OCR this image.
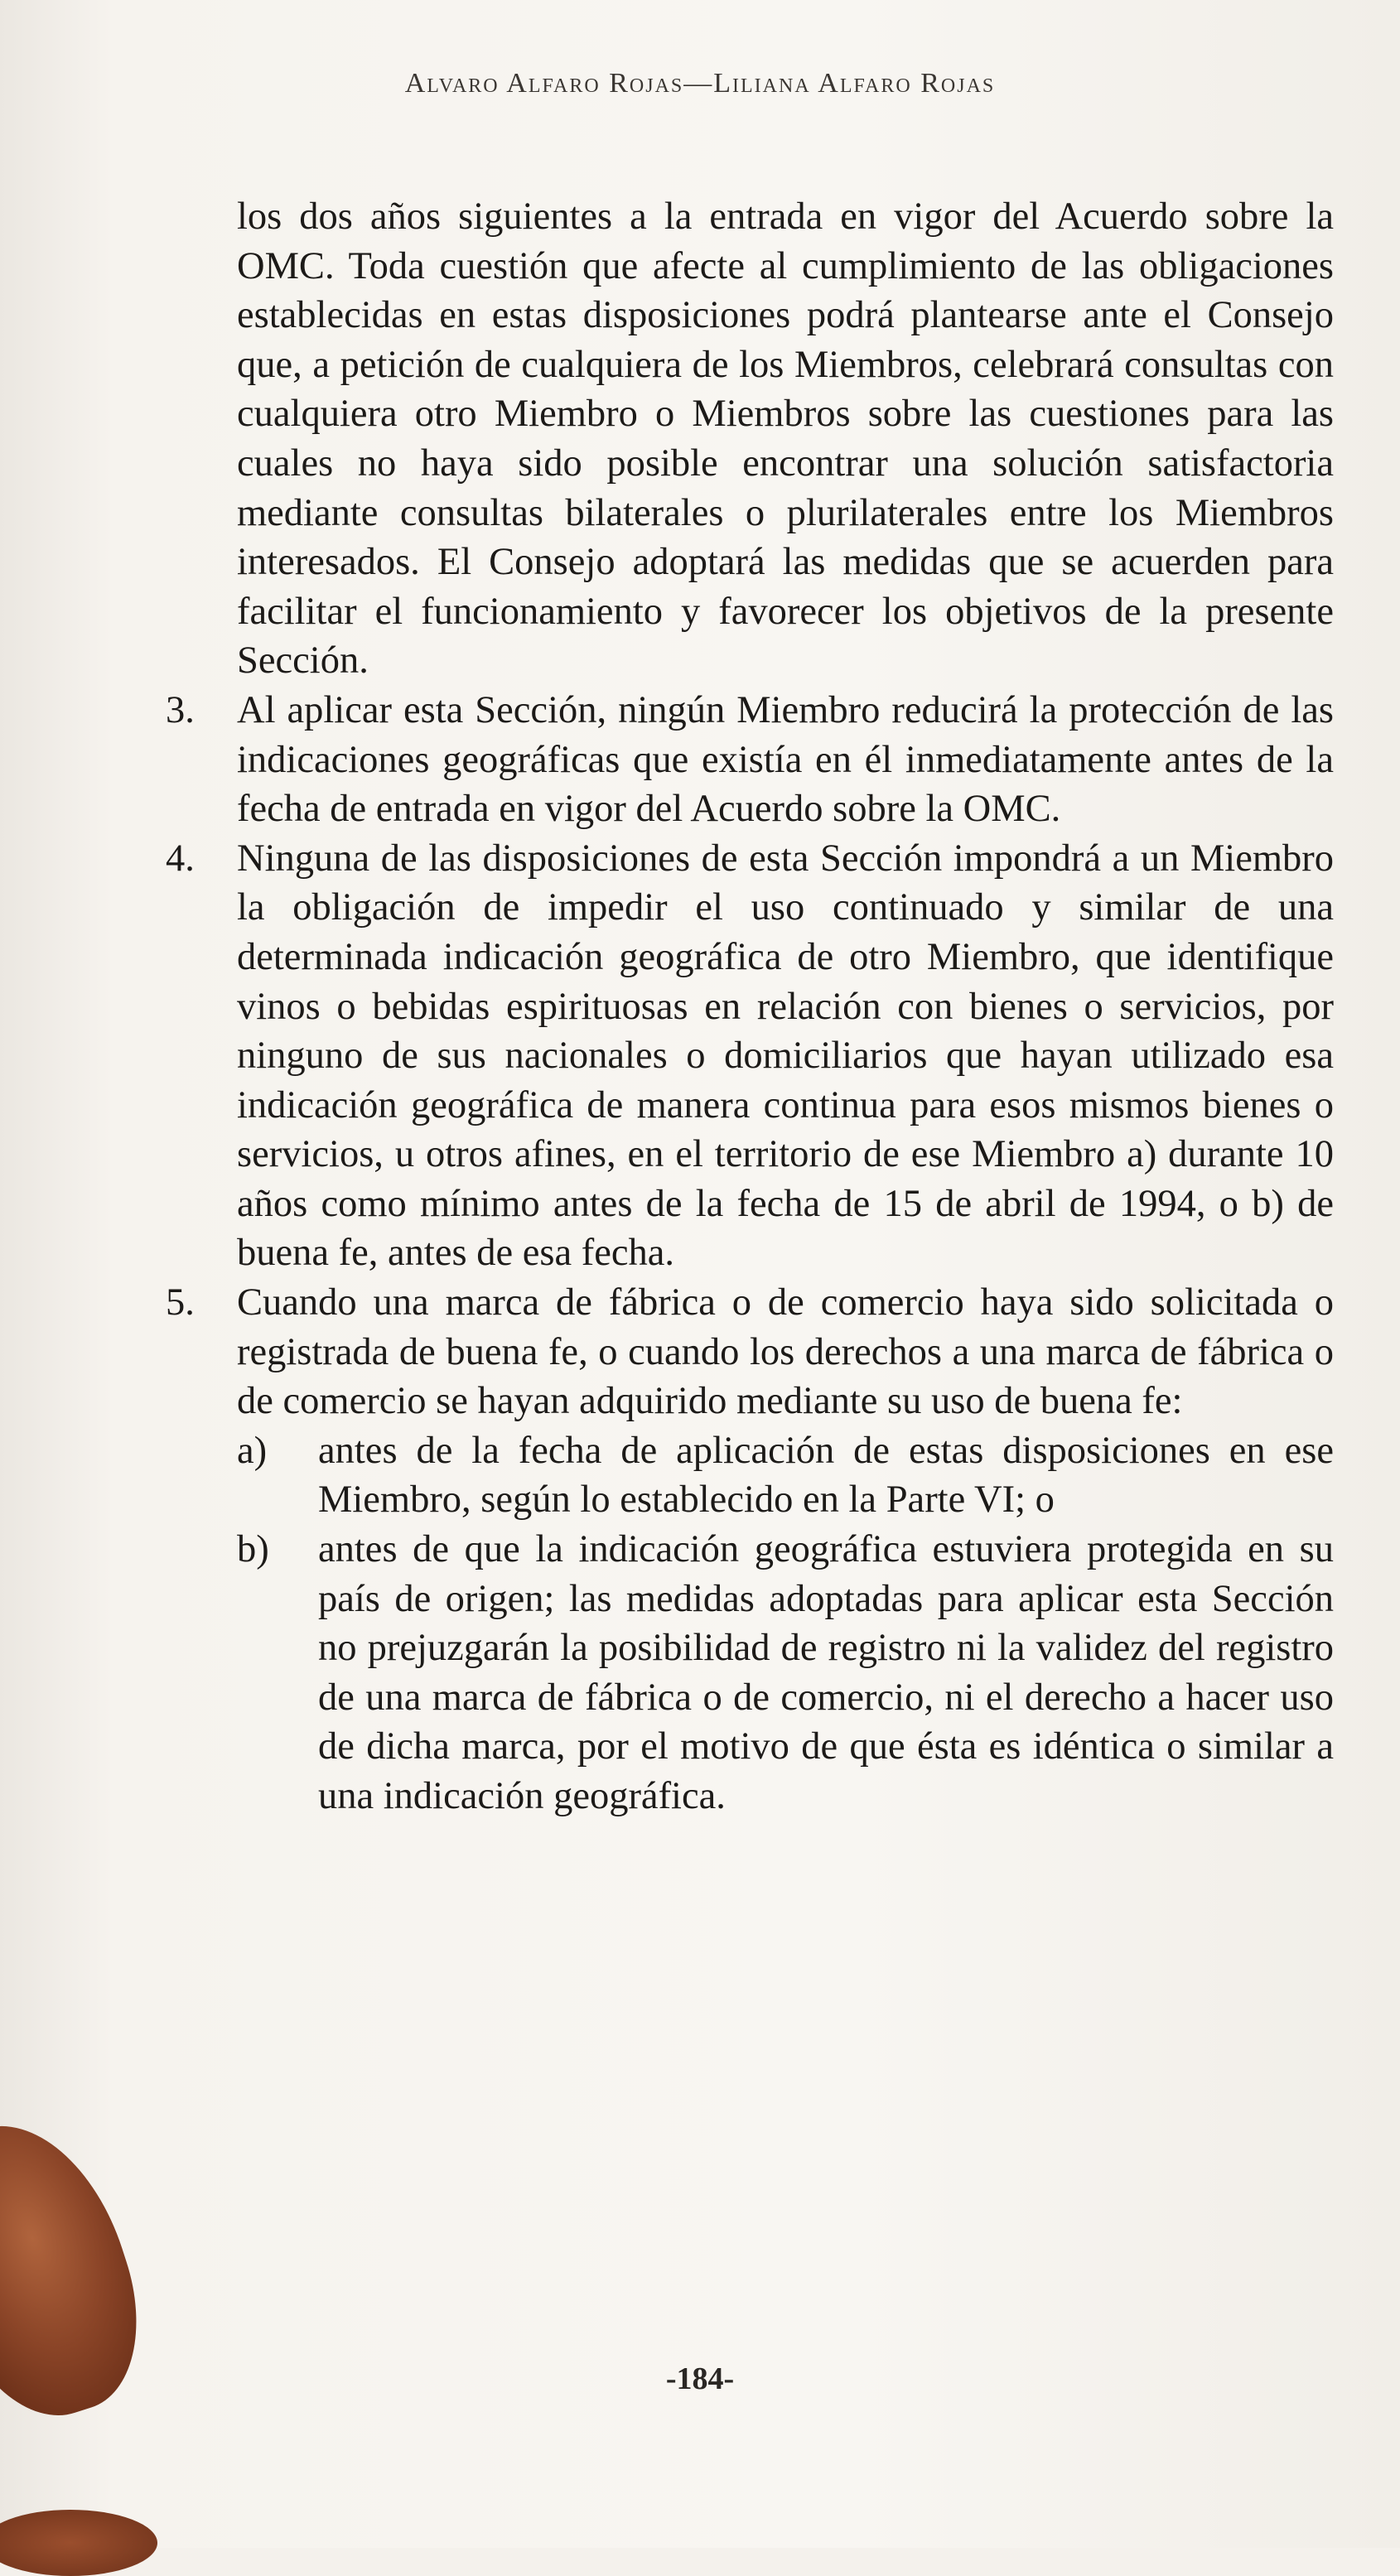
Alvaro Alfaro Rojas—Liliana Alfaro Rojas

los dos años siguientes a la entrada en vigor del Acuerdo sobre la OMC. Toda cuestión que afecte al cumplimiento de las obligaciones establecidas en estas disposiciones podrá plantearse ante el Consejo que, a petición de cualquiera de los Miembros, celebrará consultas con cualquiera otro Miembro o Miembros sobre las cuestiones para las cuales no haya sido posible encontrar una solución satisfactoria mediante consultas bilaterales o plurilaterales entre los Miembros interesados. El Consejo adoptará las medidas que se acuerden para facilitar el funcionamiento y favorecer los objetivos de la presente Sección.

3. Al aplicar esta Sección, ningún Miembro reducirá la protección de las indicaciones geográficas que existía en él inmediatamente antes de la fecha de entrada en vigor del Acuerdo sobre la OMC.
4. Ninguna de las disposiciones de esta Sección impondrá a un Miembro la obligación de impedir el uso continuado y similar de una determinada indicación geográfica de otro Miembro, que identifique vinos o bebidas espirituosas en relación con bienes o servicios, por ninguno de sus nacionales o domiciliarios que hayan utilizado esa indicación geográfica de manera continua para esos mismos bienes o servicios, u otros afines, en el territorio de ese Miembro a) durante 10 años como mínimo antes de la fecha de 15 de abril de 1994, o b) de buena fe, antes de esa fecha.
5. Cuando una marca de fábrica o de comercio haya sido solicitada o registrada de buena fe, o cuando los derechos a una marca de fábrica o de comercio se hayan adquirido mediante su uso de buena fe:
a) antes de la fecha de aplicación de estas disposiciones en ese Miembro, según lo establecido en la Parte VI; o
b) antes de que la indicación geográfica estuviera protegida en su país de origen; las medidas adoptadas para aplicar esta Sección no prejuzgarán la posibilidad de registro ni la validez del registro de una marca de fábrica o de comercio, ni el derecho a hacer uso de dicha marca, por el motivo de que ésta es idéntica o similar a una indicación geográfica.
-184-
